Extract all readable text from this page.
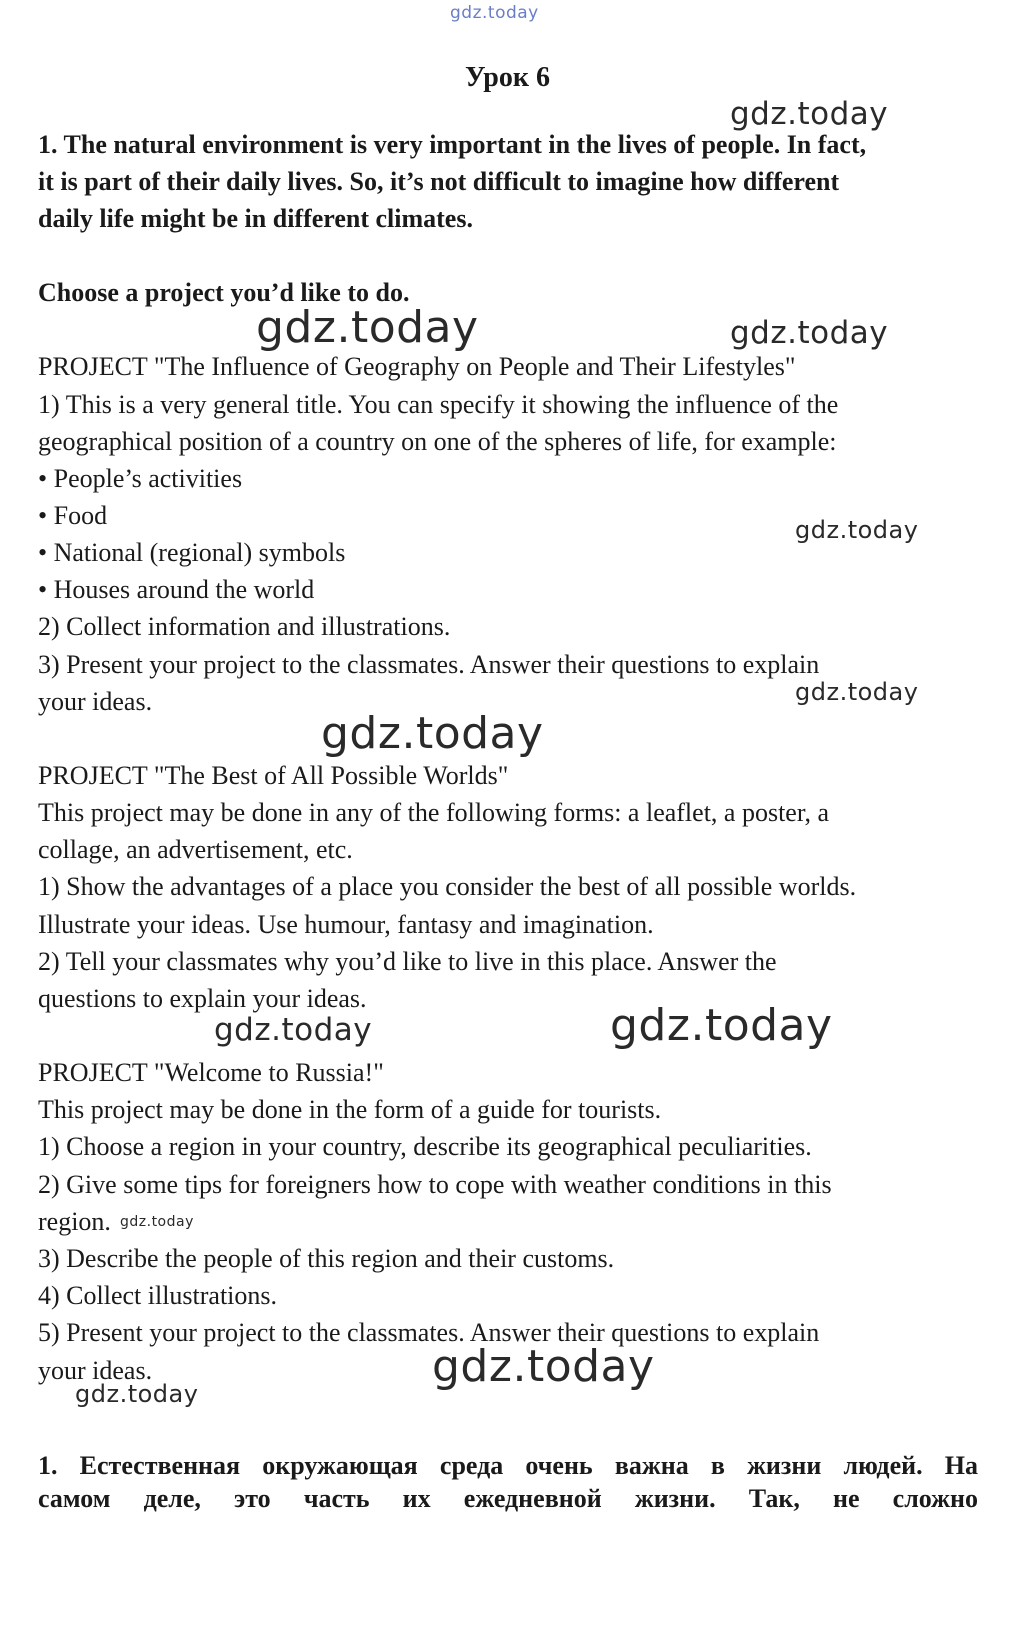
gdz.today
Урок 6
gdz.today
1. The natural environment is very important in the lives of people. In fact,
it is part of their daily lives. So, it’s not difficult to imagine how different
daily life might be in different climates.
Choose a project you’d like to do.
gdz.today	gdz.today
PROJECT "The Influence of Geography on People and Their Lifestyles"
1) This is a very general title. You can specify it showing the influence of the
geographical position of a country on one of the spheres of life, for example:
• People’s activities
• Food	gdz.today
• National (regional) symbols
• Houses around the world
2) Collect information and illustrations.
3) Present your project to the classmates. Answer their questions to explain
gdz.today
your ideas.
gdz.today
PROJECT "The Best of All Possible Worlds"
This project may be done in any of the following forms: a leaflet, a poster, a
collage, an advertisement, etc.
1) Show the advantages of a place you consider the best of all possible worlds.
Illustrate your ideas. Use humour, fantasy and imagination.
2) Tell your classmates why you’d like to live in this place. Answer the
questions to explain your ideas.
gdz.today	gdz.today
PROJECT "Welcome to Russia!"
This project may be done in the form of a guide for tourists.
1) Choose a region in your country, describe its geographical peculiarities.
2) Give some tips for foreigners how to cope with weather conditions in this
region. gdz.today
3) Describe the people of this region and their customs.
4) Collect illustrations.
5) Present your project to the classmates. Answer their questions to explain
your ideas.	gdz.today
gdz.today
1. Естественная окружающая среда очень важна в жизни людей. На
самом деле, это часть их ежедневной жизни. Так, не сложно
